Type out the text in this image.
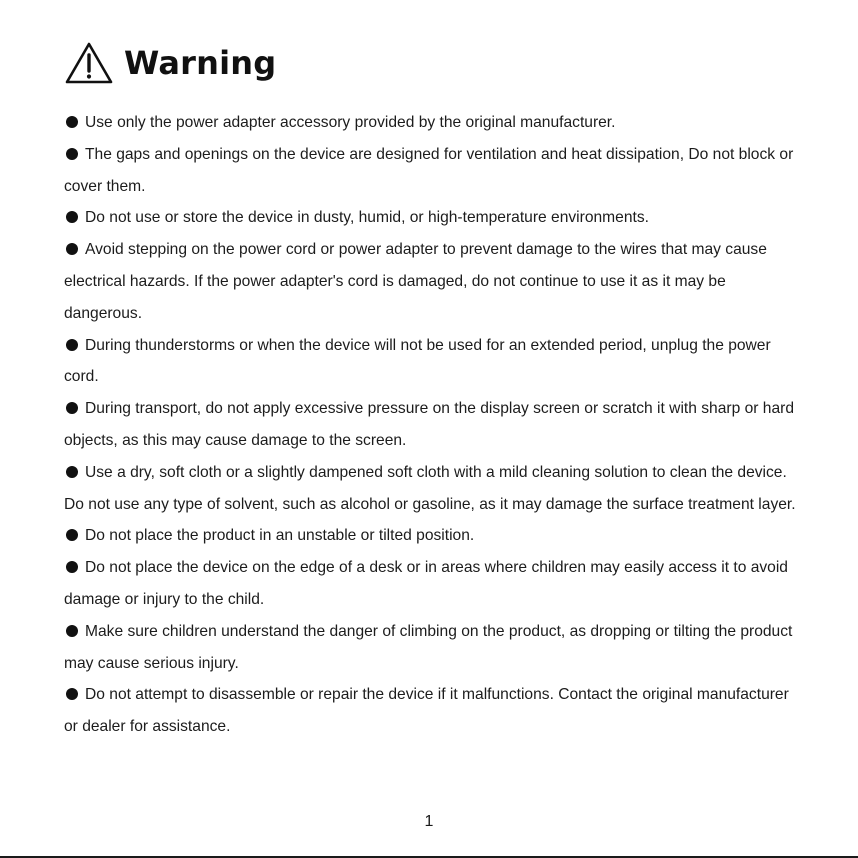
Warning

Use only the power adapter accessory provided by the original manufacturer.

The gaps and openings on the device are designed for ventilation and heat dissipation, Do not block or cover them.

Do not use or store the device in dusty, humid, or high-temperature environments.

Avoid stepping on the power cord or power adapter to prevent damage to the wires that may cause electrical hazards. If the power adapter's cord is damaged, do not continue to use it as it may be dangerous.

During thunderstorms or when the device will not be used for an extended period, unplug the power cord.

During transport, do not apply excessive pressure on the display screen or scratch it with sharp or hard objects, as this may cause damage to the screen.

Use a dry, soft cloth or a slightly dampened soft cloth with a mild cleaning solution to clean the device. Do not use any type of solvent, such as alcohol or gasoline, as it may damage the surface treatment layer.

Do not place the product in an unstable or tilted position.

Do not place the device on the edge of a desk or in areas where children may easily access it to avoid damage or injury to the child.

Make sure children understand the danger of climbing on the product, as dropping or tilting the product may cause serious injury.

Do not attempt to disassemble or repair the device if it malfunctions. Contact the original manufacturer or dealer for assistance.

1
